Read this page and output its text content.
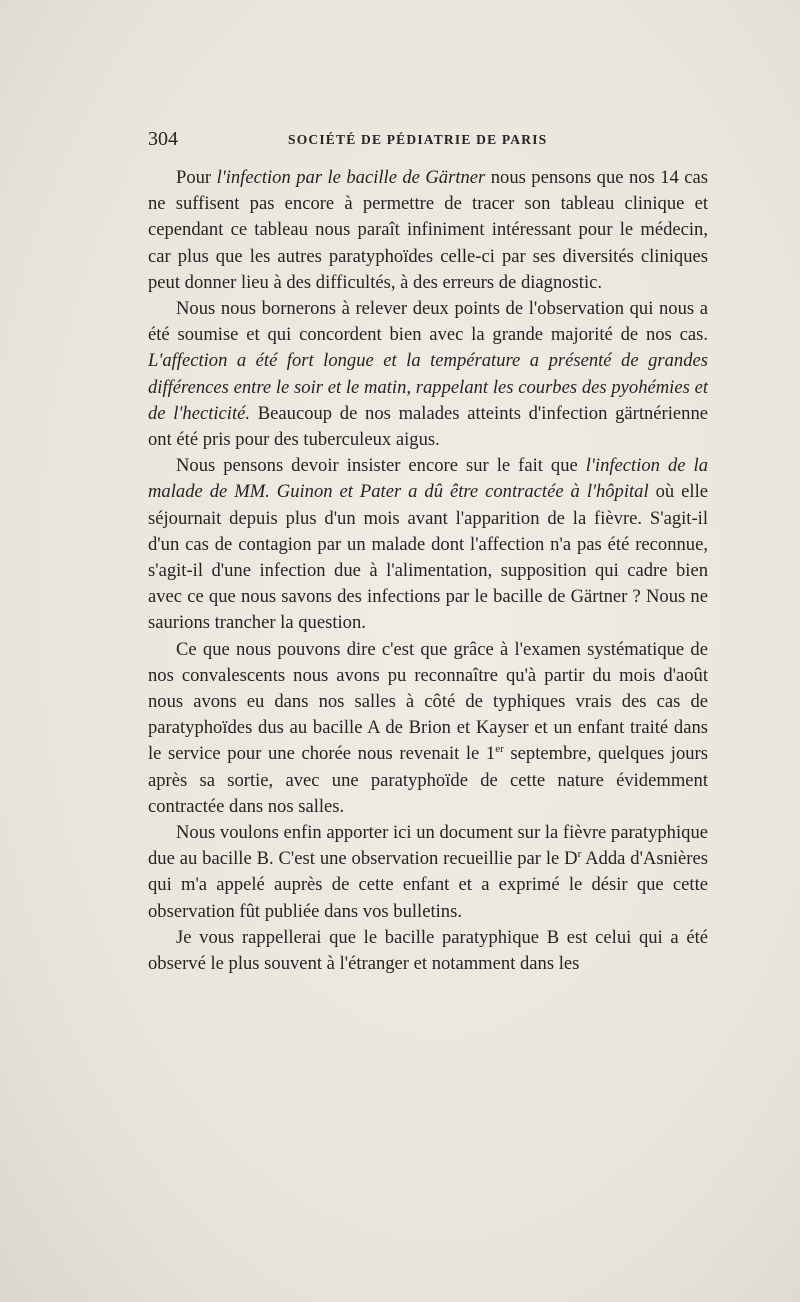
304	SOCIÉTÉ DE PÉDIATRIE DE PARIS

Pour l'infection par le bacille de Gärtner nous pensons que nos 14 cas ne suffisent pas encore à permettre de tracer son tableau clinique et cependant ce tableau nous paraît infiniment intéressant pour le médecin, car plus que les autres paratyphoïdes celle-ci par ses diversités cliniques peut donner lieu à des difficultés, à des erreurs de diagnostic.

Nous nous bornerons à relever deux points de l'observation qui nous a été soumise et qui concordent bien avec la grande majorité de nos cas. L'affection a été fort longue et la température a présenté de grandes différences entre le soir et le matin, rappelant les courbes des pyohémies et de l'hecticité. Beaucoup de nos malades atteints d'infection gärtnérienne ont été pris pour des tuberculeux aigus.

Nous pensons devoir insister encore sur le fait que l'infection de la malade de MM. Guinon et Pater a dû être contractée à l'hôpital où elle séjournait depuis plus d'un mois avant l'apparition de la fièvre. S'agit-il d'un cas de contagion par un malade dont l'affection n'a pas été reconnue, s'agit-il d'une infection due à l'alimentation, supposition qui cadre bien avec ce que nous savons des infections par le bacille de Gärtner ? Nous ne saurions trancher la question.

Ce que nous pouvons dire c'est que grâce à l'examen systématique de nos convalescents nous avons pu reconnaître qu'à partir du mois d'août nous avons eu dans nos salles à côté de typhiques vrais des cas de paratyphoïdes dus au bacille A de Brion et Kayser et un enfant traité dans le service pour une chorée nous revenait le 1er septembre, quelques jours après sa sortie, avec une paratyphoïde de cette nature évidemment contractée dans nos salles.

Nous voulons enfin apporter ici un document sur la fièvre paratyphique due au bacille B. C'est une observation recueillie par le $D^r$ Adda d'Asnières qui m'a appelé auprès de cette enfant et a exprimé le désir que cette observation fût publiée dans vos bulletins.

Je vous rappellerai que le bacille paratyphique B est celui qui a été observé le plus souvent à l'étranger et notamment dans les
